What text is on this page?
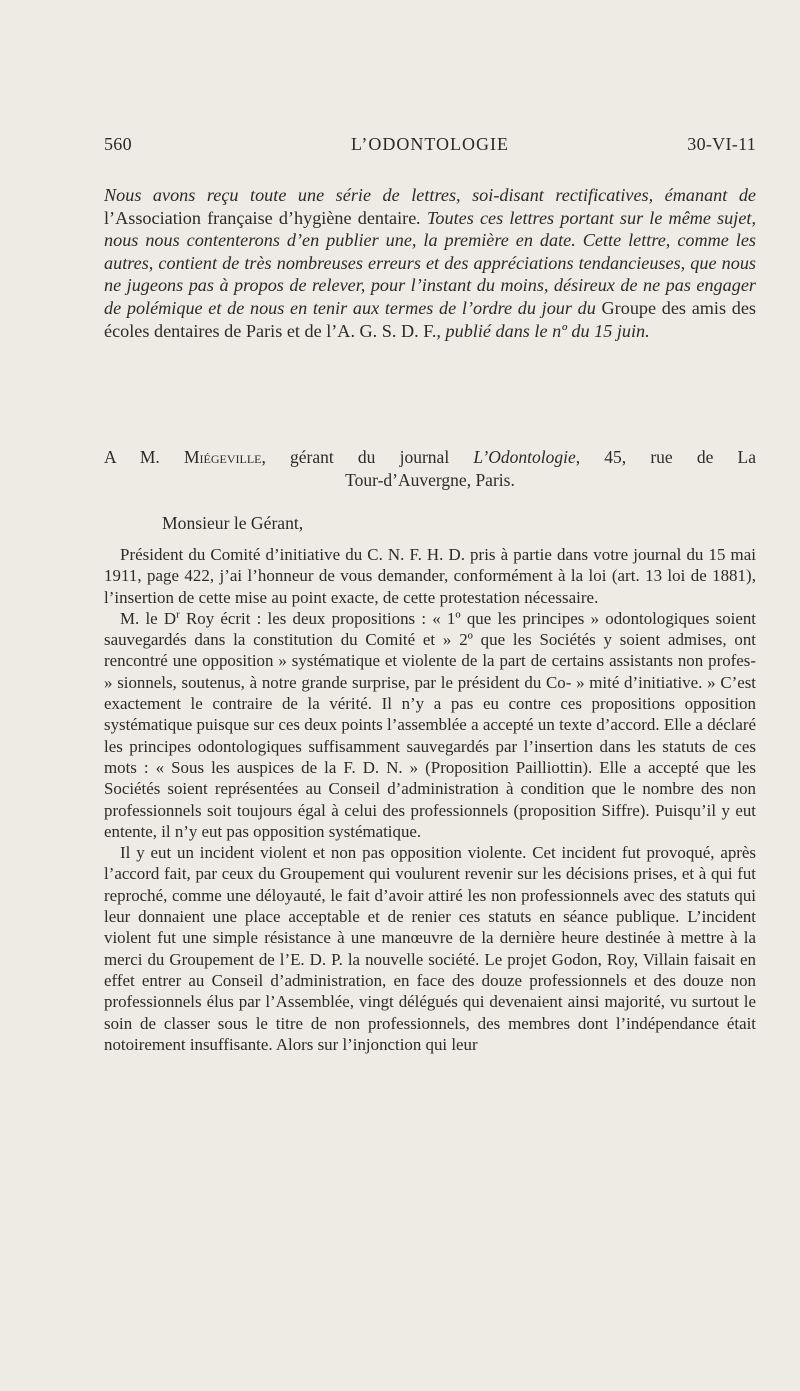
560	L’ODONTOLOGIE	30-VI-11

Nous avons reçu toute une série de lettres, soi-disant rectificatives, émanant de l’Association française d’hygiène dentaire. Toutes ces lettres portant sur le même sujet, nous nous contenterons d’en publier une, la première en date. Cette lettre, comme les autres, contient de très nombreuses erreurs et des appréciations tendancieuses, que nous ne jugeons pas à propos de relever, pour l’instant du moins, désireux de ne pas engager de polémique et de nous en tenir aux termes de l’ordre du jour du Groupe des amis des écoles dentaires de Paris et de l’A. G. S. D. F., publié dans le nº du 15 juin.

A M. Miégeville, gérant du journal L’Odontologie, 45, rue de La
Tour-d’Auvergne, Paris.
Monsieur le Gérant,

Président du Comité d’initiative du C. N. F. H. D. pris à partie dans votre journal du 15 mai 1911, page 422, j’ai l’honneur de vous demander, conformément à la loi (art. 13 loi de 1881), l’insertion de cette mise au point exacte, de cette protestation nécessaire.

M. le $D^r$ Roy écrit : les deux propositions : « 1º que les principes » odontologiques soient sauvegardés dans la constitution du Comité et » 2º que les Sociétés y soient admises, ont rencontré une opposition » systématique et violente de la part de certains assistants non profes- » sionnels, soutenus, à notre grande surprise, par le président du Co- » mité d’initiative. » C’est exactement le contraire de la vérité. Il n’y a pas eu contre ces propositions opposition systématique puisque sur ces deux points l’assemblée a accepté un texte d’accord. Elle a déclaré les principes odontologiques suffisamment sauvegardés par l’insertion dans les statuts de ces mots : « Sous les auspices de la F. D. N. » (Proposition Pailliottin). Elle a accepté que les Sociétés soient représentées au Conseil d’administration à condition que le nombre des non professionnels soit toujours égal à celui des professionnels (proposition Siffre). Puisqu’il y eut entente, il n’y eut pas opposition systématique.

Il y eut un incident violent et non pas opposition violente. Cet incident fut provoqué, après l’accord fait, par ceux du Groupement qui voulurent revenir sur les décisions prises, et à qui fut reproché, comme une déloyauté, le fait d’avoir attiré les non professionnels avec des statuts qui leur donnaient une place acceptable et de renier ces statuts en séance publique. L’incident violent fut une simple résistance à une manœuvre de la dernière heure destinée à mettre à la merci du Groupement de l’E. D. P. la nouvelle société. Le projet Godon, Roy, Villain faisait en effet entrer au Conseil d’administration, en face des douze professionnels et des douze non professionnels élus par l’Assemblée, vingt délégués qui devenaient ainsi majorité, vu surtout le soin de classer sous le titre de non professionnels, des membres dont l’indépendance était notoirement insuffisante. Alors sur l’injonction qui leur
